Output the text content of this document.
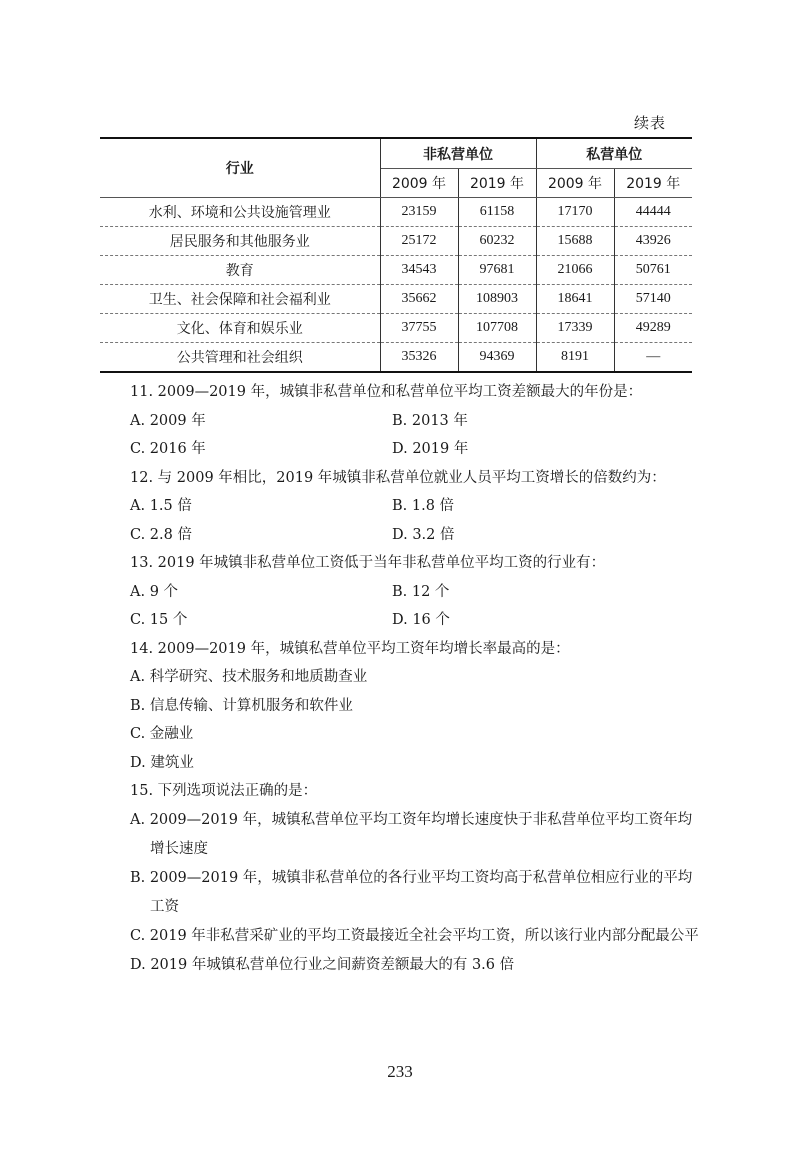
续表
行业	非私营单位		私营单位	
	2009 年	2019 年	2009 年	2019 年
水利、环境和公共设施管理业	23159	61158	17170	44444
居民服务和其他服务业	25172	60232	15688	43926
教育	34543	97681	21066	50761
卫生、社会保障和社会福利业	35662	108903	18641	57140
文化、体育和娱乐业	37755	107708	17339	49289
公共管理和社会组织	35326	94369	8191	—

11. 2009—2019 年，城镇非私营单位和私营单位平均工资差额最大的年份是：

A. 2009 年	B. 2013 年
C. 2016 年	D. 2019 年

12. 与 2009 年相比，2019 年城镇非私营单位就业人员平均工资增长的倍数约为：

A. 1.5 倍	B. 1.8 倍
C. 2.8 倍	D. 3.2 倍

13. 2019 年城镇非私营单位工资低于当年非私营单位平均工资的行业有：

A. 9 个	B. 12 个
C. 15 个	D. 16 个

14. 2009—2019 年，城镇私营单位平均工资年均增长率最高的是：

A. 科学研究、技术服务和地质勘查业

B. 信息传输、计算机服务和软件业

C. 金融业

D. 建筑业

15. 下列选项说法正确的是：

A. 2009—2019 年，城镇私营单位平均工资年均增长速度快于非私营单位平均工资年均增长速度

B. 2009—2019 年，城镇非私营单位的各行业平均工资均高于私营单位相应行业的平均工资

C. 2019 年非私营采矿业的平均工资最接近全社会平均工资，所以该行业内部分配最公平

D. 2019 年城镇私营单位行业之间薪资差额最大的有 3.6 倍

233
